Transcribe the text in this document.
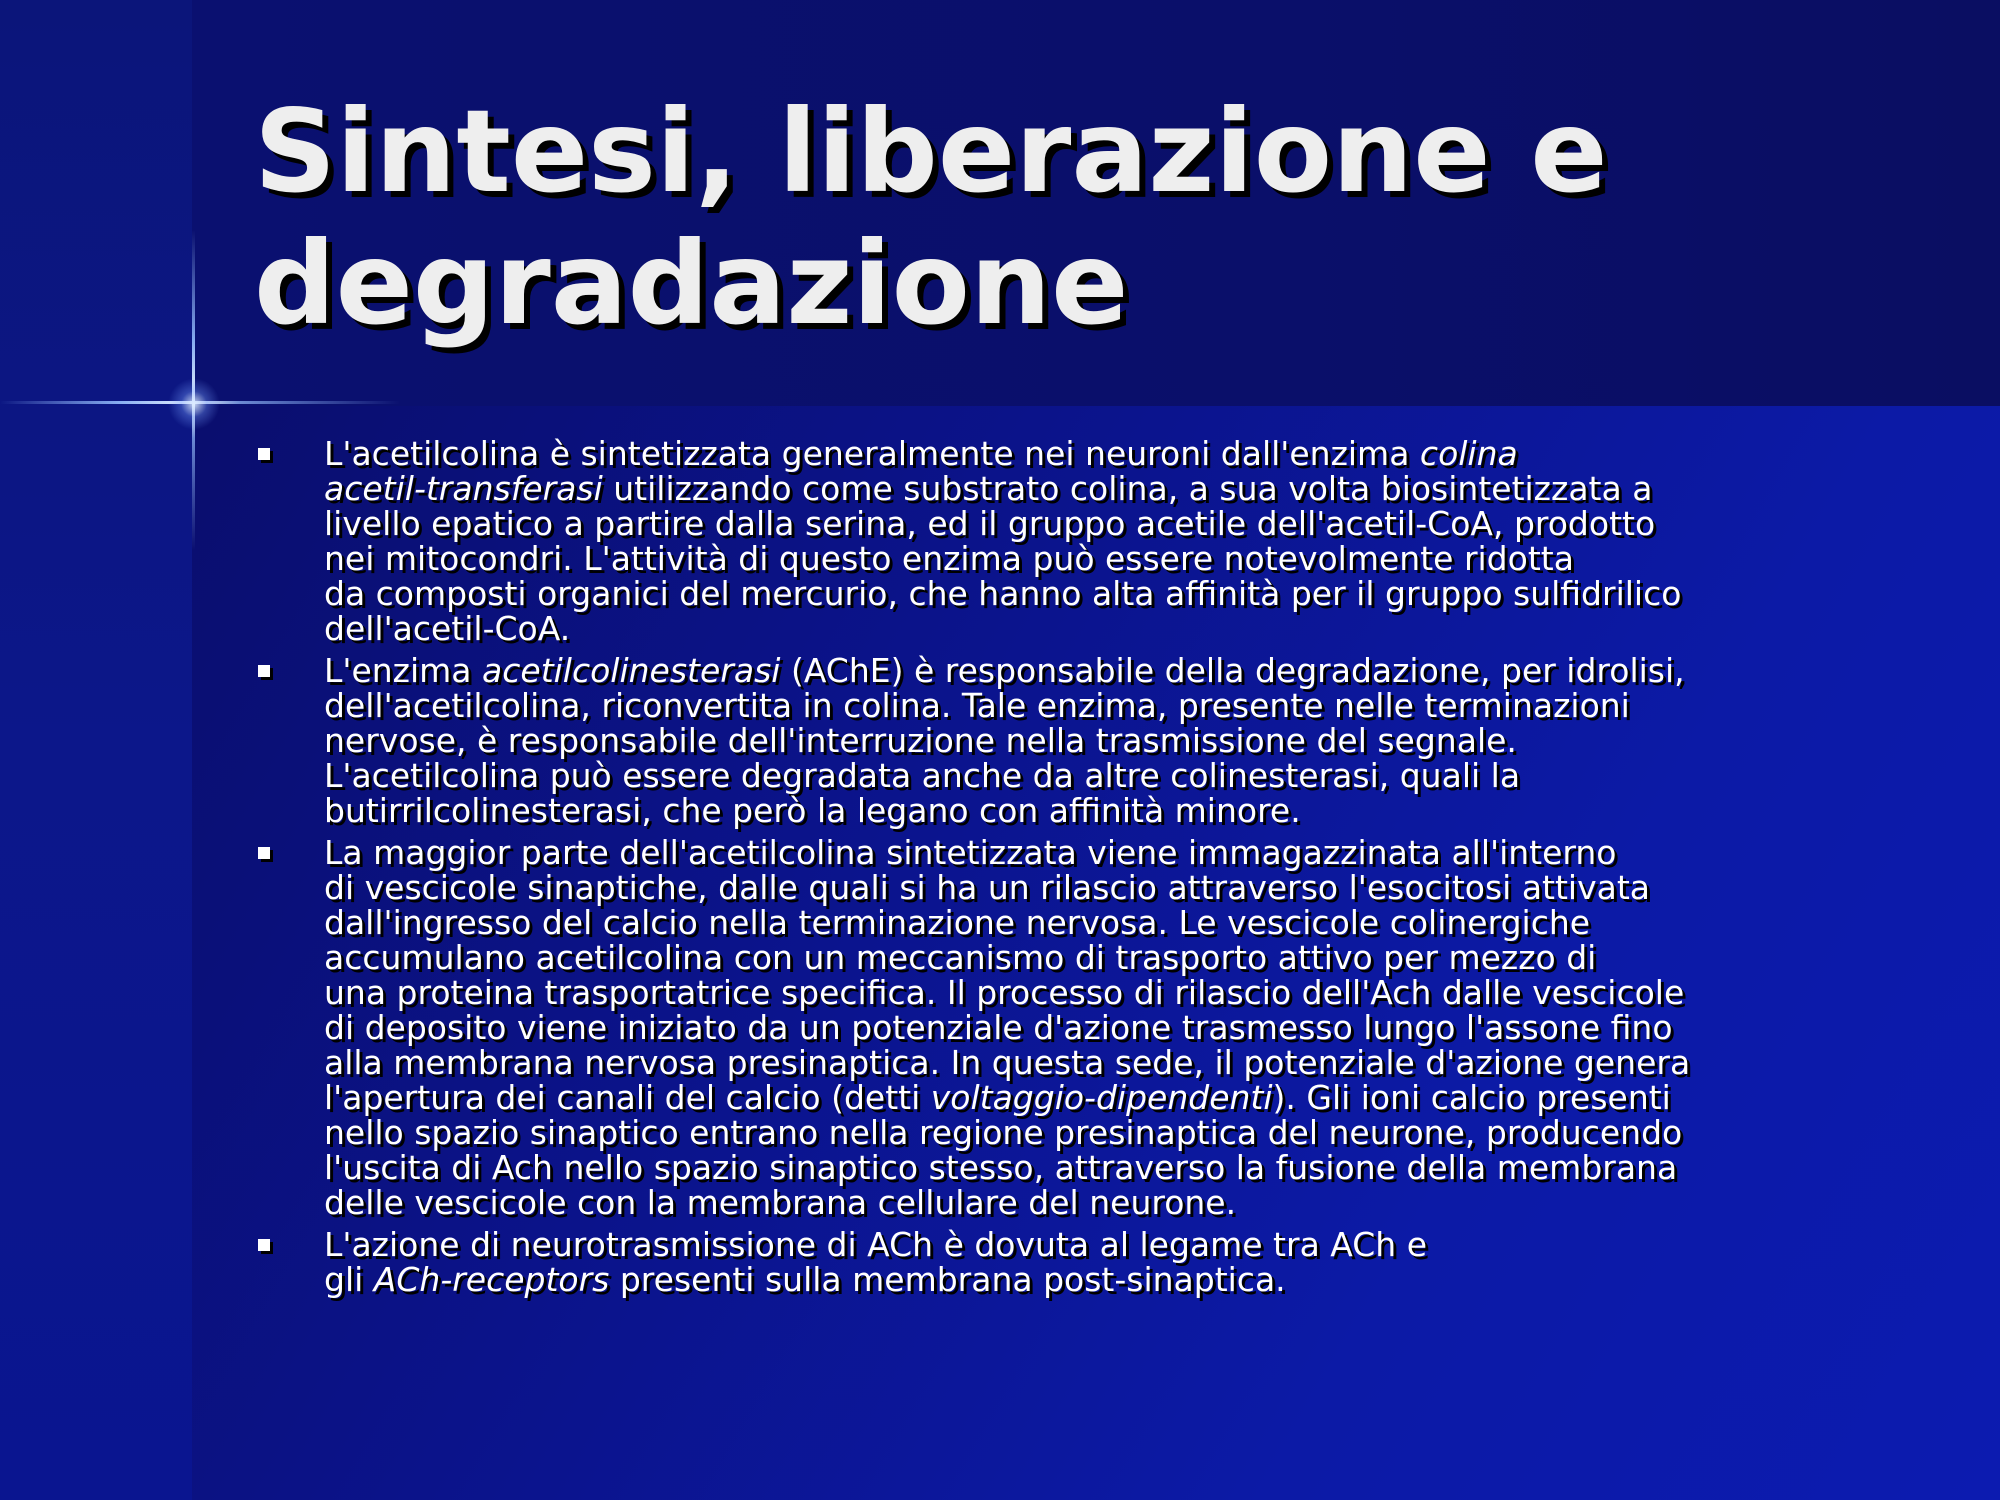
Sintesi, liberazione e
degradazione
L'acetilcolina è sintetizzata generalmente nei neuroni dall'enzima colina
acetil-transferasi utilizzando come substrato colina, a sua volta biosintetizzata a
livello epatico a partire dalla serina, ed il gruppo acetile dell'acetil-CoA, prodotto
nei mitocondri. L'attività di questo enzima può essere notevolmente ridotta
da composti organici del mercurio, che hanno alta affinità per il gruppo sulfidrilico
dell'acetil-CoA.
L'enzima acetilcolinesterasi (AChE) è responsabile della degradazione, per idrolisi,
dell'acetilcolina, riconvertita in colina. Tale enzima, presente nelle terminazioni
nervose, è responsabile dell'interruzione nella trasmissione del segnale.
L'acetilcolina può essere degradata anche da altre colinesterasi, quali la
butirrilcolinesterasi, che però la legano con affinità minore.
La maggior parte dell'acetilcolina sintetizzata viene immagazzinata all'interno
di vescicole sinaptiche, dalle quali si ha un rilascio attraverso l'esocitosi attivata
dall'ingresso del calcio nella terminazione nervosa. Le vescicole colinergiche
accumulano acetilcolina con un meccanismo di trasporto attivo per mezzo di
una proteina trasportatrice specifica. Il processo di rilascio dell'Ach dalle vescicole
di deposito viene iniziato da un potenziale d'azione trasmesso lungo l'assone fino
alla membrana nervosa presinaptica. In questa sede, il potenziale d'azione genera
l'apertura dei canali del calcio (detti voltaggio-dipendenti). Gli ioni calcio presenti
nello spazio sinaptico entrano nella regione presinaptica del neurone, producendo
l'uscita di Ach nello spazio sinaptico stesso, attraverso la fusione della membrana
delle vescicole con la membrana cellulare del neurone.
L'azione di neurotrasmissione di ACh è dovuta al legame tra ACh e
gli ACh-receptors presenti sulla membrana post-sinaptica.
